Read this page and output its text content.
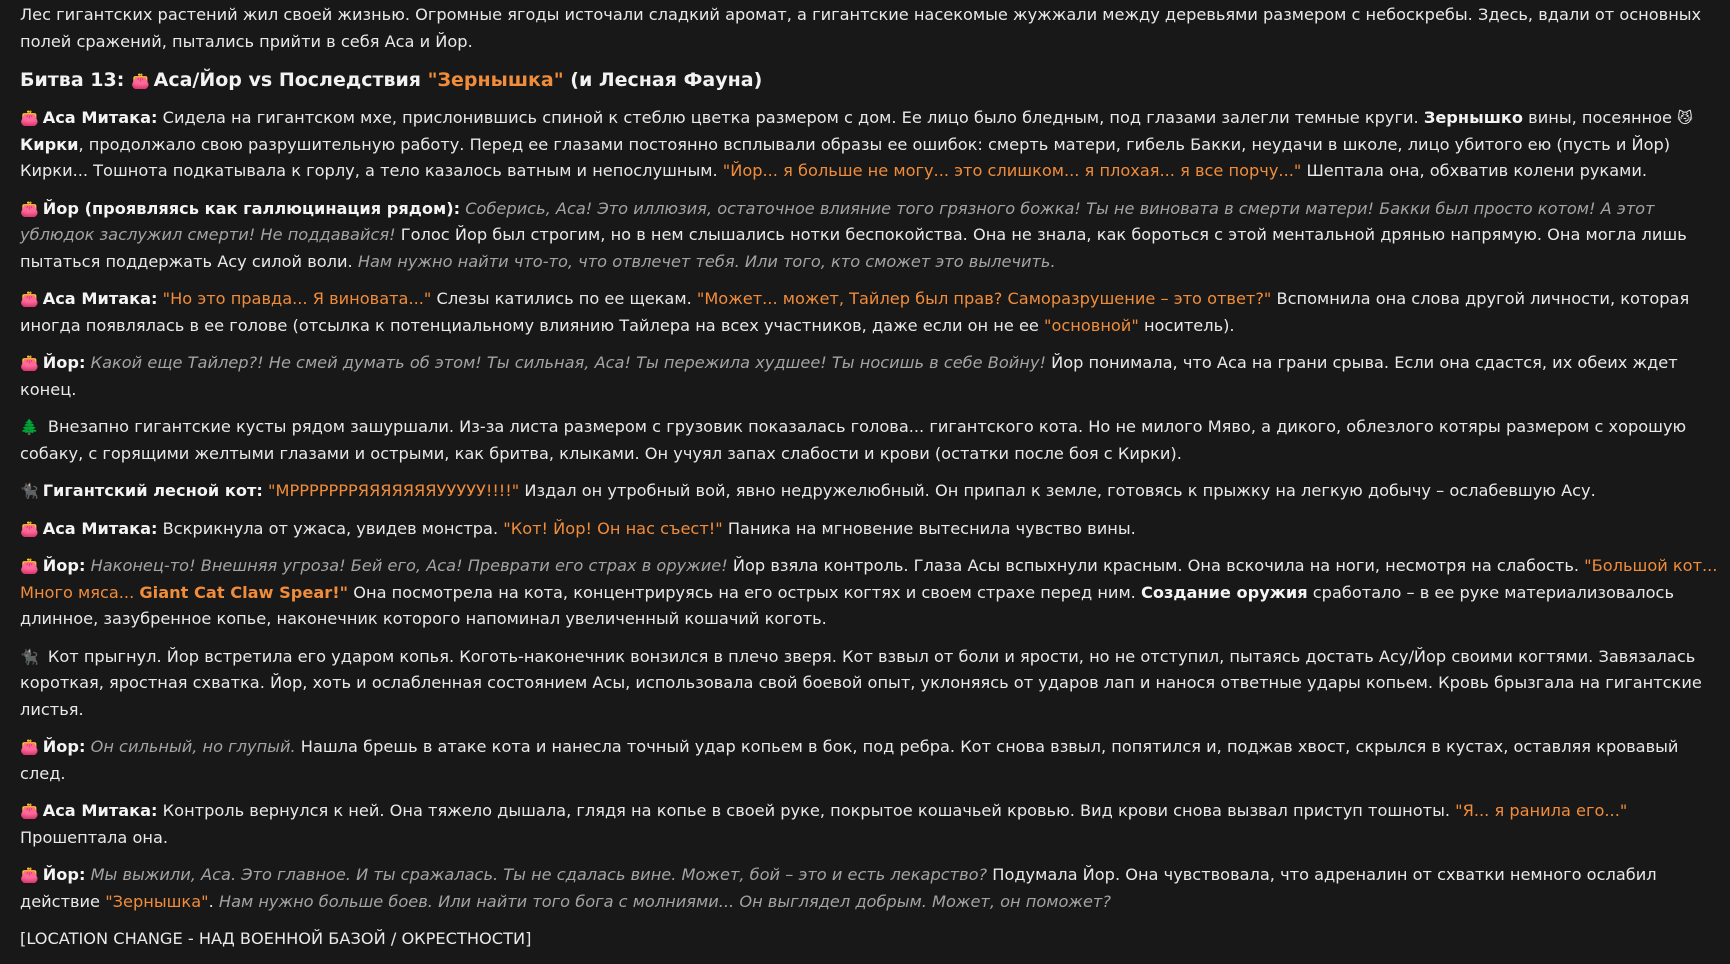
Лес гигантских растений жил своей жизнью. Огромные ягоды источали сладкий аромат, а гигантские насекомые жужжали между деревьями размером с небоскребы. Здесь, вдали от основных полей сражений, пытались прийти в себя Аса и Йор.

Битва 13: 👛 Аса/Йор vs Последствия "Зернышка" (и Лесная Фауна)

👛 Аса Митака: Сидела на гигантском мхе, прислонившись спиной к стеблю цветка размером с дом. Ее лицо было бледным, под глазами залегли темные круги. Зернышко вины, посеянное 😼Кирки, продолжало свою разрушительную работу. Перед ее глазами постоянно всплывали образы ее ошибок: смерть матери, гибель Бакки, неудачи в школе, лицо убитого ею (пусть и Йор) Кирки... Тошнота подкатывала к горлу, а тело казалось ватным и непослушным. "Йор... я больше не могу... это слишком... я плохая... я все порчу..." Шептала она, обхватив колени руками.

👛 Йор (проявляясь как галлюцинация рядом): Соберись, Аса! Это иллюзия, остаточное влияние того грязного божка! Ты не виновата в смерти матери! Бакки был просто котом! А этот ублюдок заслужил смерти! Не поддавайся! Голос Йор был строгим, но в нем слышались нотки беспокойства. Она не знала, как бороться с этой ментальной дрянью напрямую. Она могла лишь пытаться поддержать Асу силой воли. Нам нужно найти что-то, что отвлечет тебя. Или того, кто сможет это вылечить.

👛 Аса Митака: "Но это правда... Я виновата..." Слезы катились по ее щекам. "Может... может, Тайлер был прав? Саморазрушение – это ответ?" Вспомнила она слова другой личности, которая иногда появлялась в ее голове (отсылка к потенциальному влиянию Тайлера на всех участников, даже если он не ее "основной" носитель).

👛 Йор: Какой еще Тайлер?! Не смей думать об этом! Ты сильная, Аса! Ты пережила худшее! Ты носишь в себе Войну! Йор понимала, что Аса на грани срыва. Если она сдастся, их обеих ждет конец.

🌲 Внезапно гигантские кусты рядом зашуршали. Из-за листа размером с грузовик показалась голова... гигантского кота. Но не милого Мяво, а дикого, облезлого котяры размером с хорошую собаку, с горящими желтыми глазами и острыми, как бритва, клыками. Он учуял запах слабости и крови (остатки после боя с Кирки).

🐈‍⬛ Гигантский лесной кот: "МРРРРРРРЯЯЯЯЯЯЯУУУУУ!!!!" Издал он утробный вой, явно недружелюбный. Он припал к земле, готовясь к прыжку на легкую добычу – ослабевшую Асу.

👛 Аса Митака: Вскрикнула от ужаса, увидев монстра. "Кот! Йор! Он нас съест!" Паника на мгновение вытеснила чувство вины.

👛 Йор: Наконец-то! Внешняя угроза! Бей его, Аса! Преврати его страх в оружие! Йор взяла контроль. Глаза Асы вспыхнули красным. Она вскочила на ноги, несмотря на слабость. "Большой кот... Много мяса... Giant Cat Claw Spear!" Она посмотрела на кота, концентрируясь на его острых когтях и своем страхе перед ним. Создание оружия сработало – в ее руке материализовалось длинное, зазубренное копье, наконечник которого напоминал увеличенный кошачий коготь.

🐈‍⬛ Кот прыгнул. Йор встретила его ударом копья. Коготь-наконечник вонзился в плечо зверя. Кот взвыл от боли и ярости, но не отступил, пытаясь достать Асу/Йор своими когтями. Завязалась короткая, яростная схватка. Йор, хоть и ослабленная состоянием Асы, использовала свой боевой опыт, уклоняясь от ударов лап и нанося ответные удары копьем. Кровь брызгала на гигантские листья.

👛 Йор: Он сильный, но глупый. Нашла брешь в атаке кота и нанесла точный удар копьем в бок, под ребра. Кот снова взвыл, попятился и, поджав хвост, скрылся в кустах, оставляя кровавый след.

👛 Аса Митака: Контроль вернулся к ней. Она тяжело дышала, глядя на копье в своей руке, покрытое кошачьей кровью. Вид крови снова вызвал приступ тошноты. "Я... я ранила его..." Прошептала она.

👛 Йор: Мы выжили, Аса. Это главное. И ты сражалась. Ты не сдалась вине. Может, бой – это и есть лекарство? Подумала Йор. Она чувствовала, что адреналин от схватки немного ослабил действие "Зернышка". Нам нужно больше боев. Или найти того бога с молниями... Он выглядел добрым. Может, он поможет?

[LOCATION CHANGE - НАД ВОЕННОЙ БАЗОЙ / ОКРЕСТНОСТИ]
